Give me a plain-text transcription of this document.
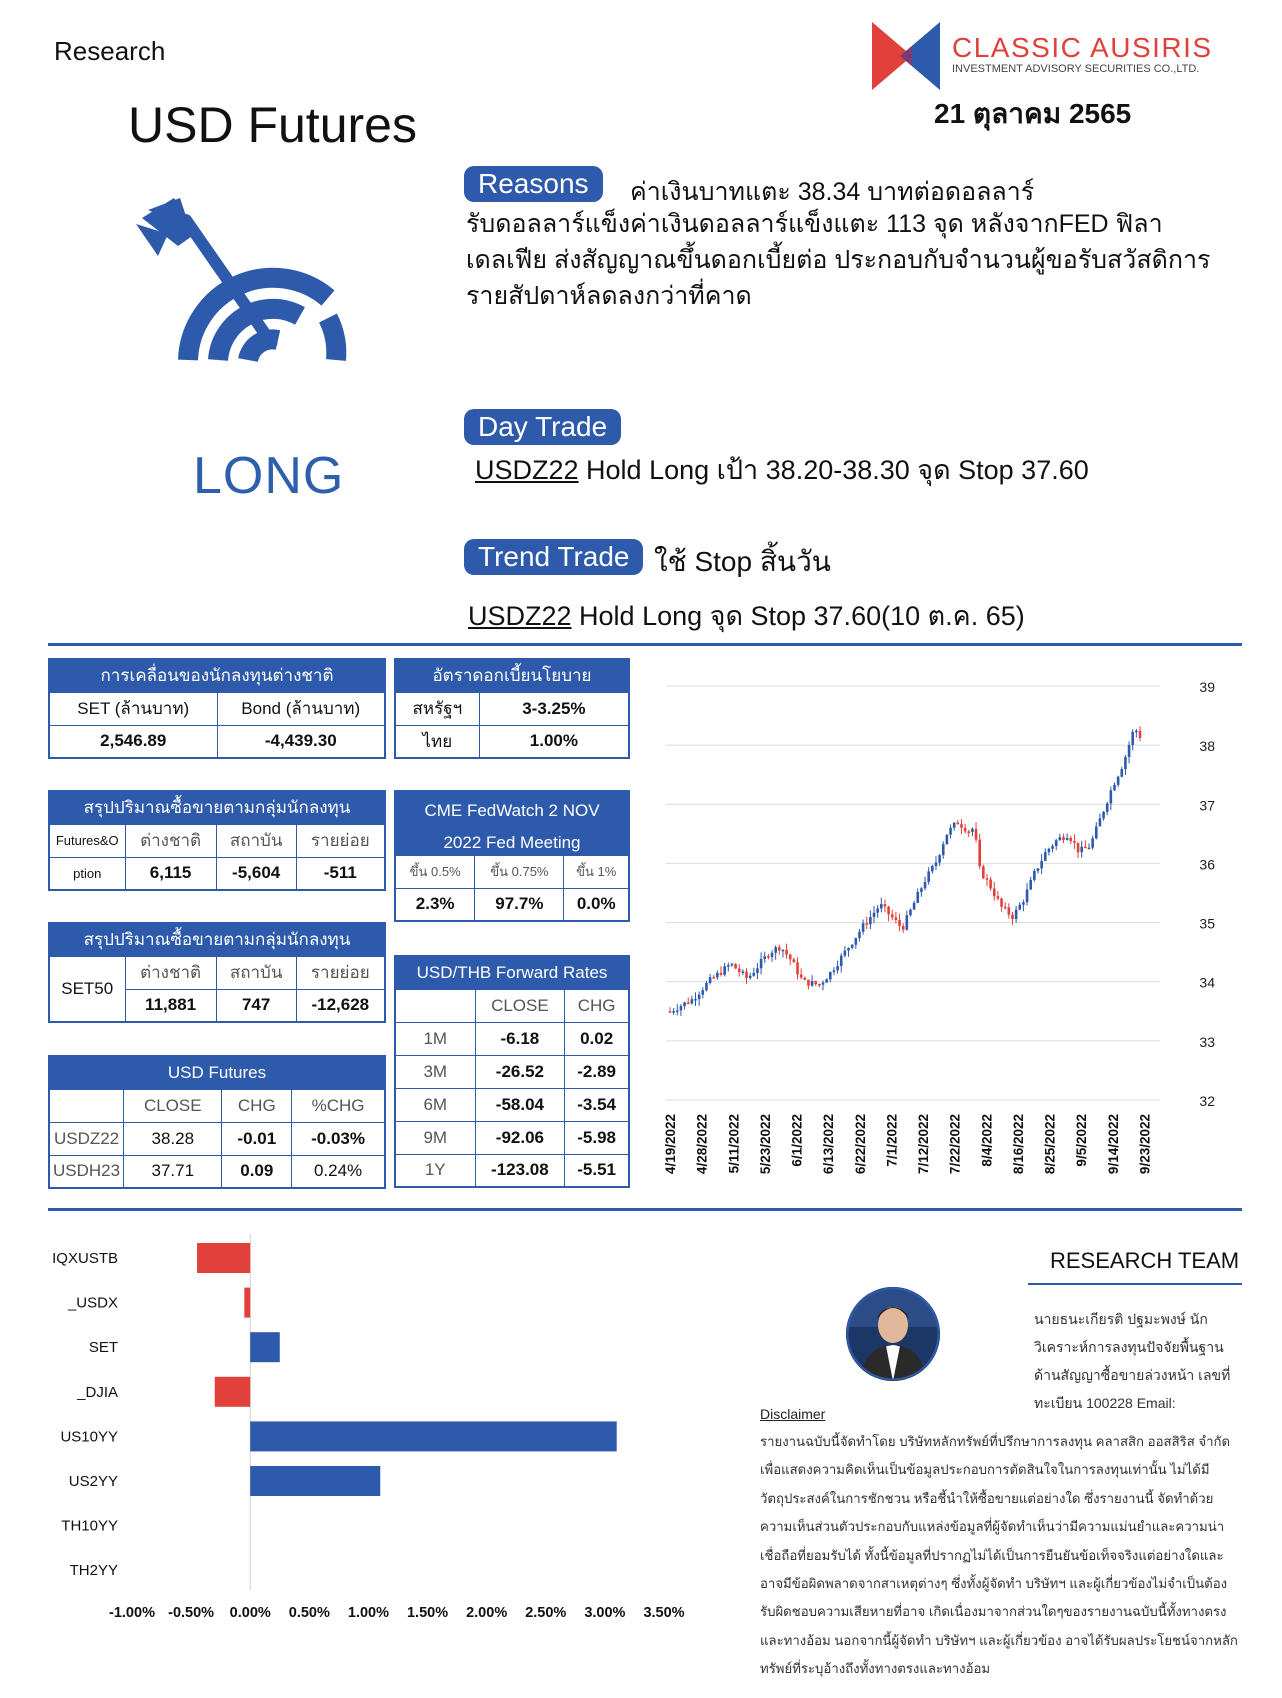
Research
USD Futures
CLASSIC AUSIRIS
INVESTMENT ADVISORY SECURITIES CO.,LTD.
21 ตุลาคม 2565
LONG
Reasons	ค่าเงินบาทแตะ 38.34 บาทต่อดอลลาร์
รับดอลลาร์แข็งค่าเงินดอลลาร์แข็งแตะ 113 จุด หลังจากFED ฟิลาเดลเฟีย ส่งสัญญาณขึ้นดอกเบี้ยต่อ ประกอบกับจำนวนผู้ขอรับสวัสดิการรายสัปดาห์ลดลงกว่าที่คาด
Day Trade
USDZ22 Hold Long เป้า 38.20-38.30 จุด Stop 37.60
Trend Trade ใช้ Stop สิ้นวัน
USDZ22 Hold Long จุด Stop 37.60(10 ต.ค. 65)
การเคลื่อนของนักลงทุนต่างชาติ	
SET (ล้านบาท)	Bond (ล้านบาท)
2,546.89	-4,439.30
อัตราดอกเบี้ยนโยบาย	
สหรัฐฯ	3-3.25%
ไทย	1.00%
สรุปปริมาณซื้อขายตามกลุ่มนักลงทุน			
Futures&O	ต่างชาติ	สถาบัน	รายย่อย
ption	6,115	-5,604	-511
CME FedWatch 2 NOV		
2022 Fed Meeting		
ขึ้น 0.5%	ขึ้น 0.75%	ขึ้น 1%
2.3%	97.7%	0.0%
สรุปปริมาณซื้อขายตามกลุ่มนักลงทุน			
SET50	ต่างชาติ	สถาบัน	รายย่อย
	11,881	747	-12,628
USD Futures			
	CLOSE	CHG	%CHG
USDZ22	38.28	-0.01	-0.03%
USDH23	37.71	0.09	0.24%
USD/THB Forward Rates		
	CLOSE	CHG
1M	-6.18	0.02
3M	-26.52	-2.89
6M	-58.04	-3.54
9M	-92.06	-5.98
1Y	-123.08	-5.51
32
33
34
35
36
37
38
39
4/19/2022 4/28/2022 5/11/2022 5/23/2022 6/1/2022 6/13/2022 6/22/2022 7/1/2022 7/12/2022 7/22/2022 8/4/2022 8/16/2022 8/25/2022 9/5/2022 9/14/2022 9/23/2022
IQXUSTB
_USDX
SET
_DJIA
US10YY
US2YY
TH10YY
TH2YY
-1.00% -0.50% 0.00% 0.50% 1.00% 1.50% 2.00% 2.50% 3.00% 3.50%
RESEARCH TEAM
นายธนะเกียรติ ปฐมะพงษ์ นักวิเคราะห์การลงทุนปัจจัยพื้นฐานด้านสัญญาซื้อขายล่วงหน้า เลขที่ทะเบียน 100228 Email:
Disclaimer
รายงานฉบับนี้จัดทำโดย บริษัทหลักทรัพย์ที่ปรึกษาการลงทุน คลาสสิก ออสสิริส จำกัด เพื่อแสดงความคิดเห็นเป็นข้อมูลประกอบการตัดสินใจในการลงทุนเท่านั้น ไม่ได้มีวัตถุประสงค์ในการชักชวน หรือชี้นำให้ซื้อขายแต่อย่างใด ซึ่งรายงานนี้ จัดทำด้วยความเห็นส่วนตัวประกอบกับแหล่งข้อมูลที่ผู้จัดทำเห็นว่ามีความแม่นยำและความน่าเชื่อถือที่ยอมรับได้ ทั้งนี้ข้อมูลที่ปรากฏไม่ได้เป็นการยืนยันข้อเท็จจริงแต่อย่างใดและอาจมีข้อผิดพลาดจากสาเหตุต่างๆ ซึ่งทั้งผู้จัดทำ บริษัทฯ และผู้เกี่ยวข้องไม่จำเป็นต้องรับผิดชอบความเสียหายที่อาจ เกิดเนื่องมาจากส่วนใดๆของรายงานฉบับนี้ทั้งทางตรงและทางอ้อม นอกจากนี้ผู้จัดทำ บริษัทฯ และผู้เกี่ยวข้อง อาจได้รับผลประโยชน์จากหลักทรัพย์ที่ระบุอ้างถึงทั้งทางตรงและทางอ้อม
